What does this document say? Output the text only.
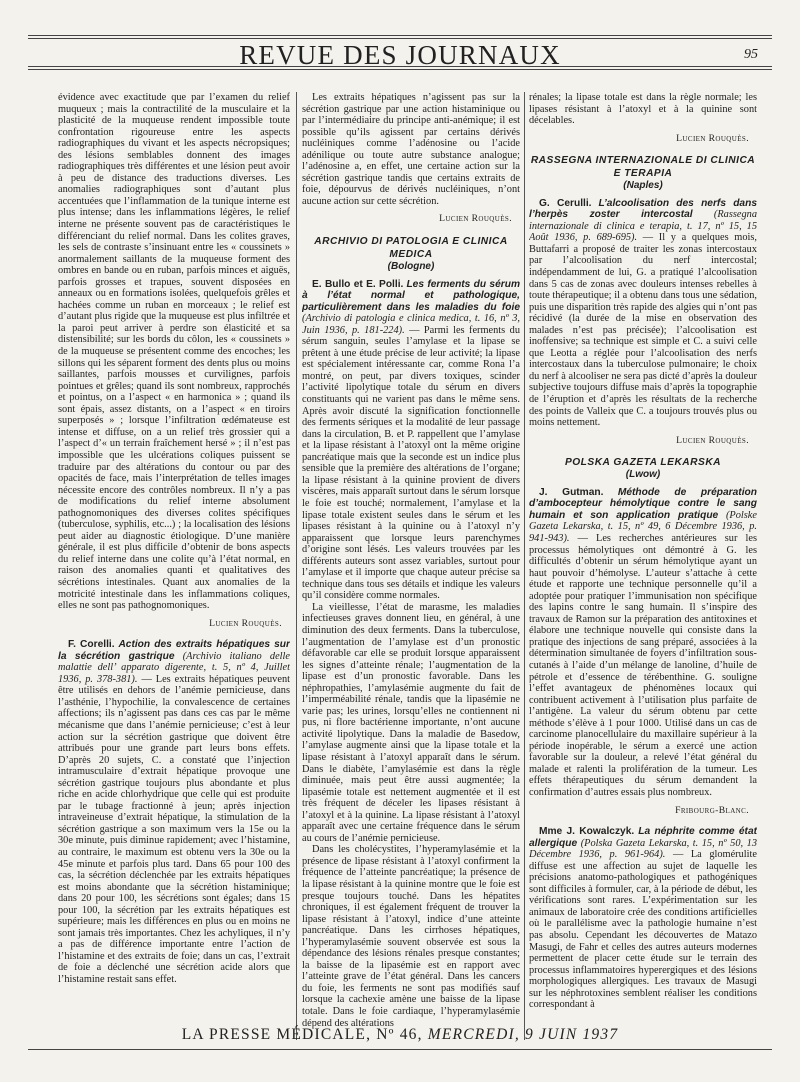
REVUE DES JOURNAUX	95

évidence avec exactitude que par l’examen du relief muqueux ; mais la contractilité de la musculaire et la plasticité de la muqueuse rendent impossible toute confrontation rigoureuse entre les aspects radiographiques du vivant et les aspects nécropsiques; des lésions semblables donnent des images radiographiques très différentes et une lésion peut avoir à peu de distance des traductions diverses. Les anomalies radiographiques sont d’autant plus accentuées que l’inflammation de la tunique interne est plus intense; dans les inflammations légères, le relief interne ne présente souvent pas de caractéristiques le différenciant du relief normal. Dans les colites graves, les sels de contraste s’insinuant entre les « coussinets » anormalement saillants de la muqueuse forment des ombres en bande ou en ruban, parfois minces et aiguës, parfois grosses et trapues, souvent disposées en anneaux ou en formations isolées, quelquefois grêles et hachées comme un ruban en morceaux ; le relief est d’autant plus rigide que la muqueuse est plus infiltrée et la paroi peut arriver à perdre son élasticité et sa distensibilité; sur les bords du côlon, les « coussinets » de la muqueuse se présentent comme des encoches; les sillons qui les séparent forment des dents plus ou moins saillantes, parfois mousses et curvilignes, parfois pointues et grêles; quand ils sont nombreux, rapprochés et pointus, on a l’aspect « en harmonica » ; quand ils sont épais, assez distants, on a l’aspect « en tiroirs superposés » ; lorsque l’infiltration œdémateuse est intense et diffuse, on a un relief très grossier qui a l’aspect d’« un terrain fraîchement hersé » ; il n’est pas impossible que les ulcérations coliques puissent se traduire par des altérations du contour ou par des opacités de face, mais l’interprétation de telles images nécessite encore des contrôles nombreux. Il n’y a pas de modifications du relief interne absolument pathognomoniques des diverses colites spécifiques (tuberculose, syphilis, etc...) ; la localisation des lésions peut aider au diagnostic étiologique. D’une manière générale, il est plus difficile d’obtenir de bons aspects du relief interne dans une colite qu’à l’état normal, en raison des anomalies quanti et qualitatives des sécrétions intestinales. Quant aux anomalies de la motricité intestinale dans les inflammations coliques, elles ne sont pas pathognomoniques.

Lucien Rouquès.

F. Corelli. Action des extraits hépatiques sur la sécrétion gastrique (Archivio italiano delle malattie dell’ apparato digerente, t. 5, nº 4, Juillet 1936, p. 378-381). — Les extraits hépatiques peuvent être utilisés en dehors de l’anémie pernicieuse, dans l’asthénie, l’hypochilie, la convalescence de certaines affections; ils n’agissent pas dans ces cas par le même mécanisme que dans l’anémie pernicieuse; c’est à leur action sur la sécrétion gastrique que doivent être attribués pour une grande part leurs bons effets. D’après 20 sujets, C. a constaté que l’injection intramusculaire d’extrait hépatique provoque une sécrétion gastrique toujours plus abondante et plus riche en acide chlorhydrique que celle qui est produite par le tubage fractionné à jeun; après injection intraveineuse d’extrait hépatique, la stimulation de la sécrétion gastrique a son maximum vers la 15e ou la 30e minute, puis diminue rapidement; avec l’histamine, au contraire, le maximum est obtenu vers la 30e ou la 45e minute et parfois plus tard. Dans 65 pour 100 des cas, la sécrétion déclenchée par les extraits hépatiques est moins abondante que la sécrétion histaminique; dans 20 pour 100, les sécrétions sont égales; dans 15 pour 100, la sécrétion par les extraits hépatiques est supérieure; mais les différences en plus ou en moins ne sont jamais très importantes. Chez les achyliques, il n’y a pas de différence importante entre l’action de l’histamine et des extraits de foie; dans un cas, l’extrait de foie a déclenché une sécrétion acide alors que l’histamine restait sans effet.

Les extraits hépatiques n’agissent pas sur la sécrétion gastrique par une action histaminique ou par l’intermédiaire du principe anti-anémique; il est possible qu’ils agissent par certains dérivés nucléiniques comme l’adénosine ou l’acide adénilique ou toute autre substance analogue; l’adénosine a, en effet, une certaine action sur la sécrétion gastrique tandis que certains extraits de foie, dépourvus de dérivés nucléiniques, n’ont aucune action sur cette sécrétion.

Lucien Rouquès.
ARCHIVIO DI PATOLOGIA E CLINICA MEDICA
(Bologne)

E. Bullo et E. Polli. Les ferments du sérum à l’état normal et pathologique, particulièrement dans les maladies du foie (Archivio di patologia e clinica medica, t. 16, nº 3, Juin 1936, p. 181-224). — Parmi les ferments du sérum sanguin, seules l’amylase et la lipase se prêtent à une étude précise de leur activité; la lipase est spécialement intéressante car, comme Rona l’a montré, on peut, par divers toxiques, scinder l’activité lipolytique totale du sérum en divers constituants qui ne varient pas dans le même sens. Après avoir discuté la signification fonctionnelle des ferments sériques et la modalité de leur passage dans la circulation, B. et P. rappellent que l’amylase et la lipase résistant à l’atoxyl ont la même origine pancréatique mais que la seconde est un indice plus sensible que la première des altérations de l’organe; la lipase résistant à la quinine provient de divers viscères, mais apparaît surtout dans le sérum lorsque le foie est touché; normalement, l’amylase et la lipase totale existent seules dans le sérum et les lipases résistant à la quinine ou à l’atoxyl n’y apparaissent que lorsque leurs parenchymes d’origine sont lésés. Les valeurs trouvées par les différents auteurs sont assez variables, surtout pour l’amylase et il importe que chaque auteur précise sa technique dans tous ses détails et indique les valeurs qu’il considère comme normales.

La vieillesse, l’état de marasme, les maladies infectieuses graves donnent lieu, en général, à une diminution des deux ferments. Dans la tuberculose, l’augmentation de l’amylase est d’un pronostic défavorable car elle se produit lorsque apparaissent les signes d’atteinte rénale; l’augmentation de la lipase est d’un pronostic favorable. Dans les néphropathies, l’amylasémie augmente du fait de l’imperméabilité rénale, tandis que la lipasémie ne varie pas; les urines, lorsqu’elles ne contiennent ni pus, ni flore bactérienne importante, n’ont aucune activité lipolytique. Dans la maladie de Basedow, l’amylase augmente ainsi que la lipase totale et la lipase résistant à l’atoxyl apparaît dans le sérum. Dans le diabète, l’amylasémie est dans la règle diminuée, mais peut être aussi augmentée; la lipasémie totale est nettement augmentée et il est très fréquent de déceler les lipases résistant à l’atoxyl et à la quinine. La lipase résistant à l’atoxyl apparaît avec une certaine fréquence dans le sérum au cours de l’anémie pernicieuse.

Dans les cholécystites, l’hyperamylasémie et la présence de lipase résistant à l’atoxyl confirment la fréquence de l’atteinte pancréatique; la présence de la lipase résistant à la quinine montre que le foie est presque toujours touché. Dans les hépatites chroniques, il est également fréquent de trouver la lipase résistant à l’atoxyl, indice d’une atteinte pancréatique. Dans les cirrhoses hépatiques, l’hyperamylasémie souvent observée est sous la dépendance des lésions rénales presque constantes; la baisse de la lipasémie est en rapport avec l’atteinte grave de l’état général. Dans les cancers du foie, les ferments ne sont pas modifiés sauf lorsque la cachexie amène une baisse de la lipase totale. Dans le foie cardiaque, l’hyperamylasémie dépend des altérations

rénales; la lipase totale est dans la règle normale; les lipases résistant à l’atoxyl et à la quinine sont décelables.

Lucien Rouquès.
RASSEGNA INTERNAZIONALE DI CLINICA E TERAPIA
(Naples)

G. Cerulli. L’alcoolisation des nerfs dans l’herpès zoster intercostal (Rassegna internazionale di clinica e terapia, t. 17, nº 15, 15 Août 1936, p. 689-695). — Il y a quelques mois, Buttafarri a proposé de traiter les zonas intercostaux par l’alcoolisation du nerf intercostal; indépendamment de lui, G. a pratiqué l’alcoolisation dans 5 cas de zonas avec douleurs intenses rebelles à toute thérapeutique; il a obtenu dans tous une sédation, puis une disparition très rapide des algies qui n’ont pas récidivé (la durée de la mise en observation des malades n’est pas précisée); l’alcoolisation est inoffensive; sa technique est simple et C. a suivi celle que Leotta a réglée pour l’alcoolisation des nerfs intercostaux dans la tuberculose pulmonaire; le choix du nerf à alcooliser ne sera pas dicté d’après la douleur subjective toujours diffuse mais d’après la topographie de l’éruption et d’après les résultats de la recherche des points de Valleix que C. a toujours trouvés plus ou moins nettement.

Lucien Rouquès.
POLSKA GAZETA LEKARSKA
(Lwow)

J. Gutman. Méthode de préparation d’ambocepteur hémolytique contre le sang humain et son application pratique (Polske Gazeta Lekarska, t. 15, nº 49, 6 Décembre 1936, p. 941-943). — Les recherches antérieures sur les processus hémolytiques ont démontré à G. les difficultés d’obtenir un sérum hémolytique ayant un haut pouvoir d’hémolyse. L’auteur s’attache à cette étude et rapporte une technique personnelle qu’il a adoptée pour pratiquer l’immunisation non spécifique des lapins contre le sang humain. Il s’inspire des travaux de Ramon sur la préparation des antitoxines et élabore une technique nouvelle qui consiste dans la pratique des injections de sang préparé, associées à la détermination simultanée de foyers d’infiltration sous-cutanés à l’aide d’un mélange de lanoline, d’huile de pétrole et d’essence de térébenthine. G. souligne l’effet avantageux de phénomènes locaux qui contribuent activement à l’utilisation plus parfaite de l’antigène. La valeur du sérum obtenu par cette méthode s’élève à 1 pour 1000. Utilisé dans un cas de carcinome planocellulaire du maxillaire supérieur à la période inopérable, le sérum a exercé une action favorable sur la douleur, a relevé l’état général du malade et ralenti la prolifération de la tumeur. Les effets thérapeutiques du sérum demandent la confirmation d’autres essais plus nombreux.

Fribourg-Blanc.

Mme J. Kowalczyk. La néphrite comme état allergique (Polska Gazeta Lekarska, t. 15, nº 50, 13 Décembre 1936, p. 961-964). — La glomérulite diffuse est une affection au sujet de laquelle les précisions anatomo-pathologiques et pathogéniques sont difficiles à formuler, car, à la période de début, les vérifications sont rares. L’expérimentation sur les animaux de laboratoire crée des conditions artificielles où le parallélisme avec la pathologie humaine n’est pas absolu. Cependant les découvertes de Matazo Masugi, de Fahr et celles des autres auteurs modernes permettent de placer cette étude sur le terrain des processus inflammatoires hyperergiques et des lésions morphologiques allergiques. Les travaux de Masugi sur les néphrotoxines semblent réaliser les conditions correspondant à

LA PRESSE MÉDICALE, Nº 46, MERCREDI, 9 JUIN 1937
